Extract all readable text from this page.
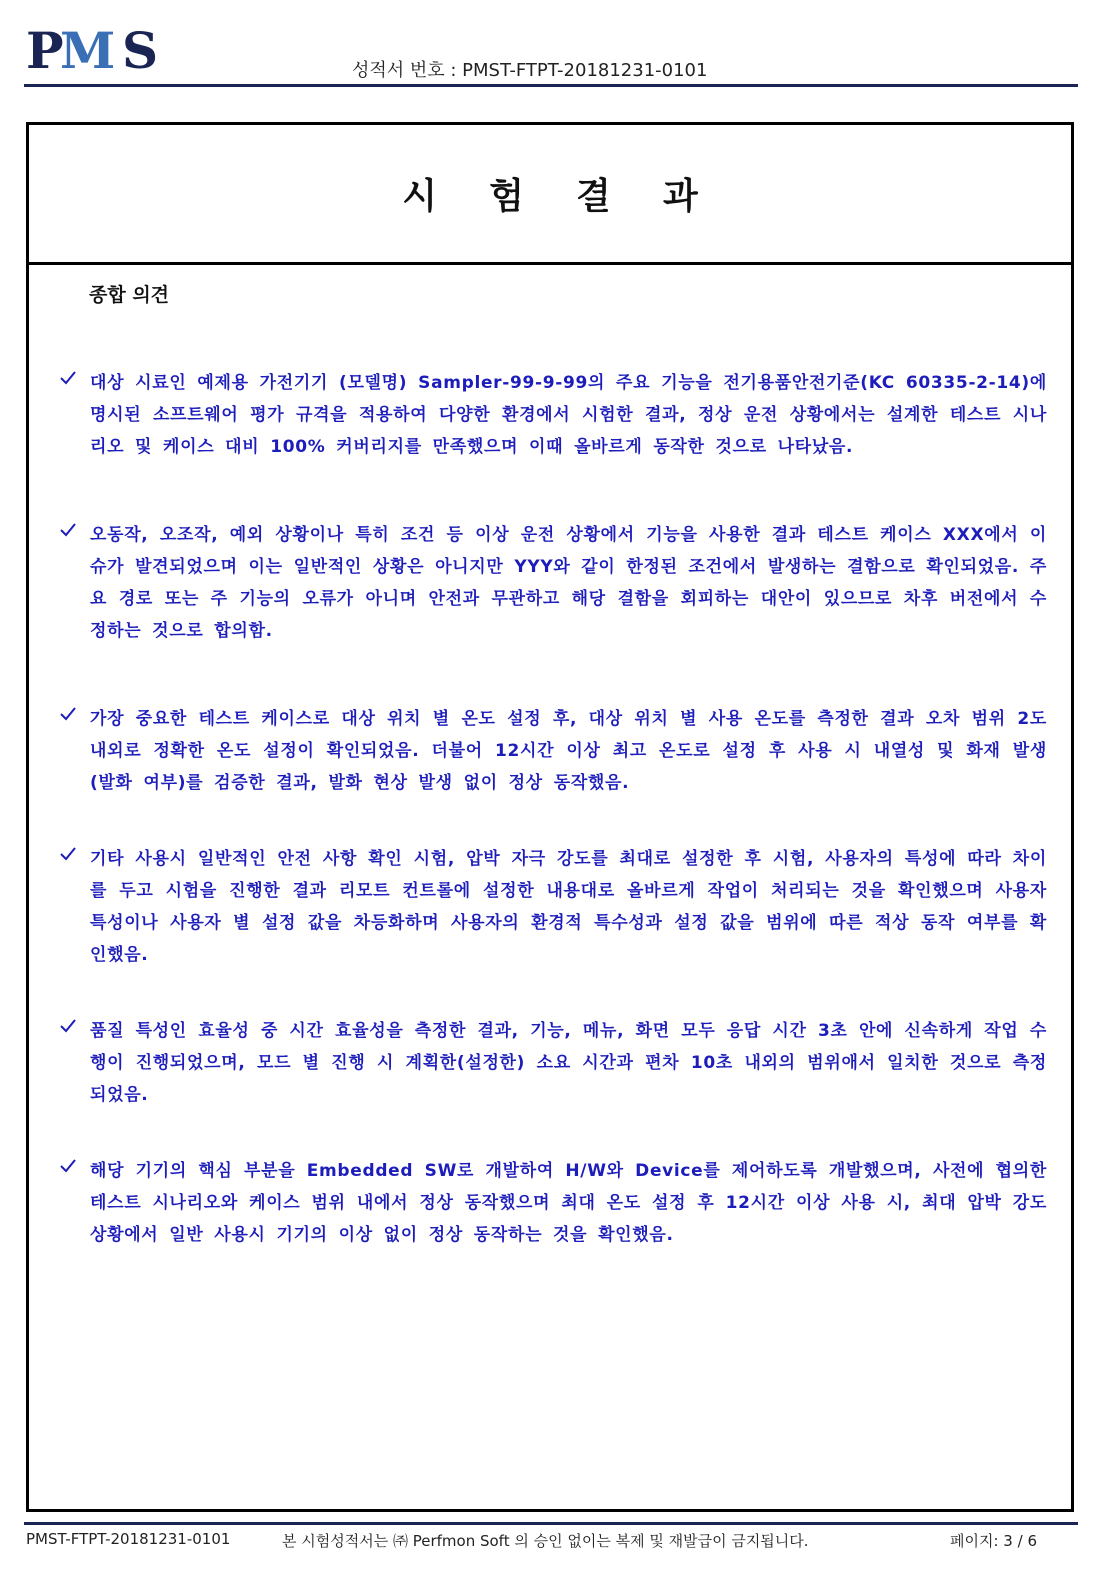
P
M S	성적서 번호 : PMST-FTPT-20181231-0101
시 험 결 과
종합 의견
대상 시료인 예제용 가전기기 (모델명) Sampler-99-9-99의 주요 기능을 전기용품안전기준(KC 60335-2-14)에 명시된 소프트웨어 평가 규격을 적용하여 다양한 환경에서 시험한 결과, 정상 운전 상황에서는 설계한 테스트 시나리오 및 케이스 대비 100% 커버리지를 만족했으며 이때 올바르게 동작한 것으로 나타났음.
오동작, 오조작, 예외 상황이나 특히 조건 등 이상 운전 상황에서 기능을 사용한 결과 테스트 케이스 XXX에서 이슈가 발견되었으며 이는 일반적인 상황은 아니지만 YYY와 같이 한정된 조건에서 발생하는 결함으로 확인되었음. 주요 경로 또는 주 기능의 오류가 아니며 안전과 무관하고 해당 결함을 회피하는 대안이 있으므로 차후 버전에서 수정하는 것으로 합의함.
가장 중요한 테스트 케이스로 대상 위치 별 온도 설정 후, 대상 위치 별 사용 온도를 측정한 결과 오차 범위 2도 내외로 정확한 온도 설정이 확인되었음. 더불어 12시간 이상 최고 온도로 설정 후 사용 시 내열성 및 화재 발생(발화 여부)를 검증한 결과, 발화 현상 발생 없이 정상 동작했음.
기타 사용시 일반적인 안전 사항 확인 시험, 압박 자극 강도를 최대로 설정한 후 시험, 사용자의 특성에 따라 차이를 두고 시험을 진행한 결과 리모트 컨트롤에 설정한 내용대로 올바르게 작업이 처리되는 것을 확인했으며 사용자 특성이나 사용자 별 설정 값을 차등화하며 사용자의 환경적 특수성과 설정 값을 범위에 따른 적상 동작 여부를 확인했음.
품질 특성인 효율성 중 시간 효율성을 측정한 결과, 기능, 메뉴, 화면 모두 응답 시간 3초 안에 신속하게 작업 수행이 진행되었으며, 모드 별 진행 시 계획한(설정한) 소요 시간과 편차 10초 내외의 범위애서 일치한 것으로 측정되었음.
해당 기기의 핵심 부분을 Embedded SW로 개발하여 H/W와 Device를 제어하도록 개발했으며, 사전에 협의한 테스트 시나리오와 케이스 범위 내에서 정상 동작했으며 최대 온도 설정 후 12시간 이상 사용 시, 최대 압박 강도 상황에서 일반 사용시 기기의 이상 없이 정상 동작하는 것을 확인했음.
PMST-FTPT-20181231-0101	본 시험성적서는 ㈜ Perfmon Soft 의 승인 없이는 복제 및 재발급이 금지됩니다.	페이지: 3 / 6
